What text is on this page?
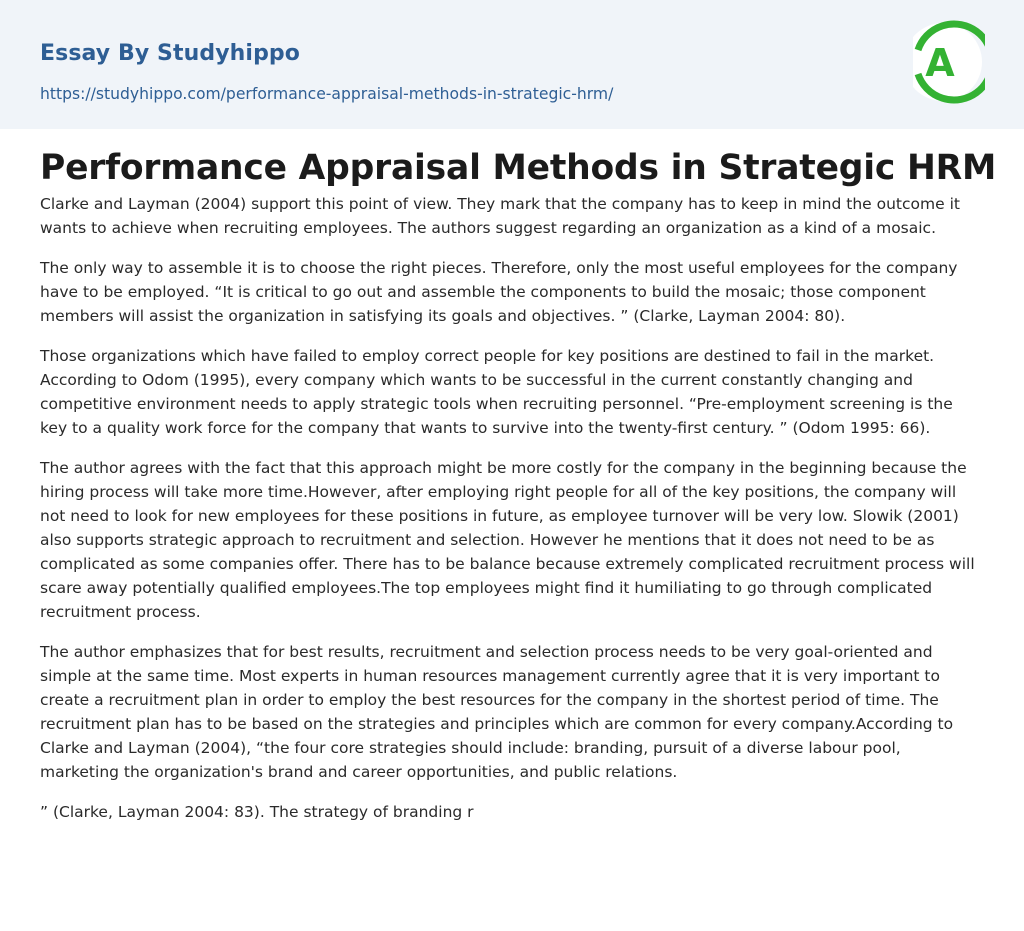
Essay By Studyhippo
https://studyhippo.com/performance-appraisal-methods-in-strategic-hrm/
A
Performance Appraisal Methods in Strategic HRM

Clarke and Layman (2004) support this point of view. They mark that the company has to keep in mind the outcome it wants to achieve when recruiting employees. The authors suggest regarding an organization as a kind of a mosaic.

The only way to assemble it is to choose the right pieces. Therefore, only the most useful employees for the company have to be employed. “It is critical to go out and assemble the components to build the mosaic; those component members will assist the organization in satisfying its goals and objectives. ” (Clarke, Layman 2004: 80).

Those organizations which have failed to employ correct people for key positions are destined to fail in the market. According to Odom (1995), every company which wants to be successful in the current constantly changing and competitive environment needs to apply strategic tools when recruiting personnel. “Pre-employment screening is the key to a quality work force for the company that wants to survive into the twenty-first century. ” (Odom 1995: 66).

The author agrees with the fact that this approach might be more costly for the company in the beginning because the hiring process will take more time.However, after employing right people for all of the key positions, the company will not need to look for new employees for these positions in future, as employee turnover will be very low. Slowik (2001) also supports strategic approach to recruitment and selection. However he mentions that it does not need to be as complicated as some companies offer. There has to be balance because extremely complicated recruitment process will scare away potentially qualified employees.The top employees might find it humiliating to go through complicated recruitment process.

The author emphasizes that for best results, recruitment and selection process needs to be very goal-oriented and simple at the same time. Most experts in human resources management currently agree that it is very important to create a recruitment plan in order to employ the best resources for the company in the shortest period of time. The recruitment plan has to be based on the strategies and principles which are common for every company.According to Clarke and Layman (2004), “the four core strategies should include: branding, pursuit of a diverse labour pool, marketing the organization's brand and career opportunities, and public relations.

” (Clarke, Layman 2004: 83). The strategy of branding r
